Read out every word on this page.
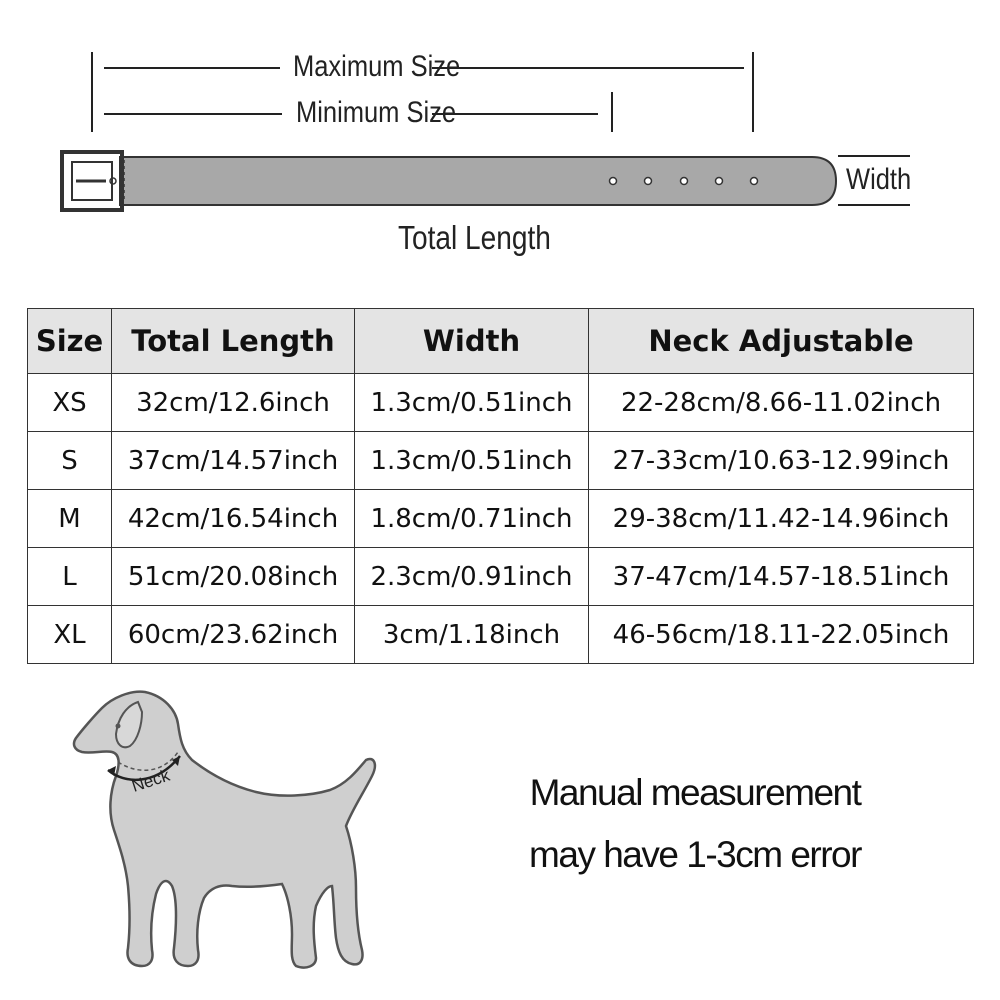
Maximum Size
Minimum Size
Width
Total Length
Size	Total Length	Width	Neck Adjustable
XS	32cm/12.6inch	1.3cm/0.51inch	22-28cm/8.66-11.02inch
S	37cm/14.57inch	1.3cm/0.51inch	27-33cm/10.63-12.99inch
M	42cm/16.54inch	1.8cm/0.71inch	29-38cm/11.42-14.96inch
L	51cm/20.08inch	2.3cm/0.91inch	37-47cm/14.57-18.51inch
XL	60cm/23.62inch	3cm/1.18inch	46-56cm/18.11-22.05inch
Neck	Manual measurement
may have 1-3cm error
